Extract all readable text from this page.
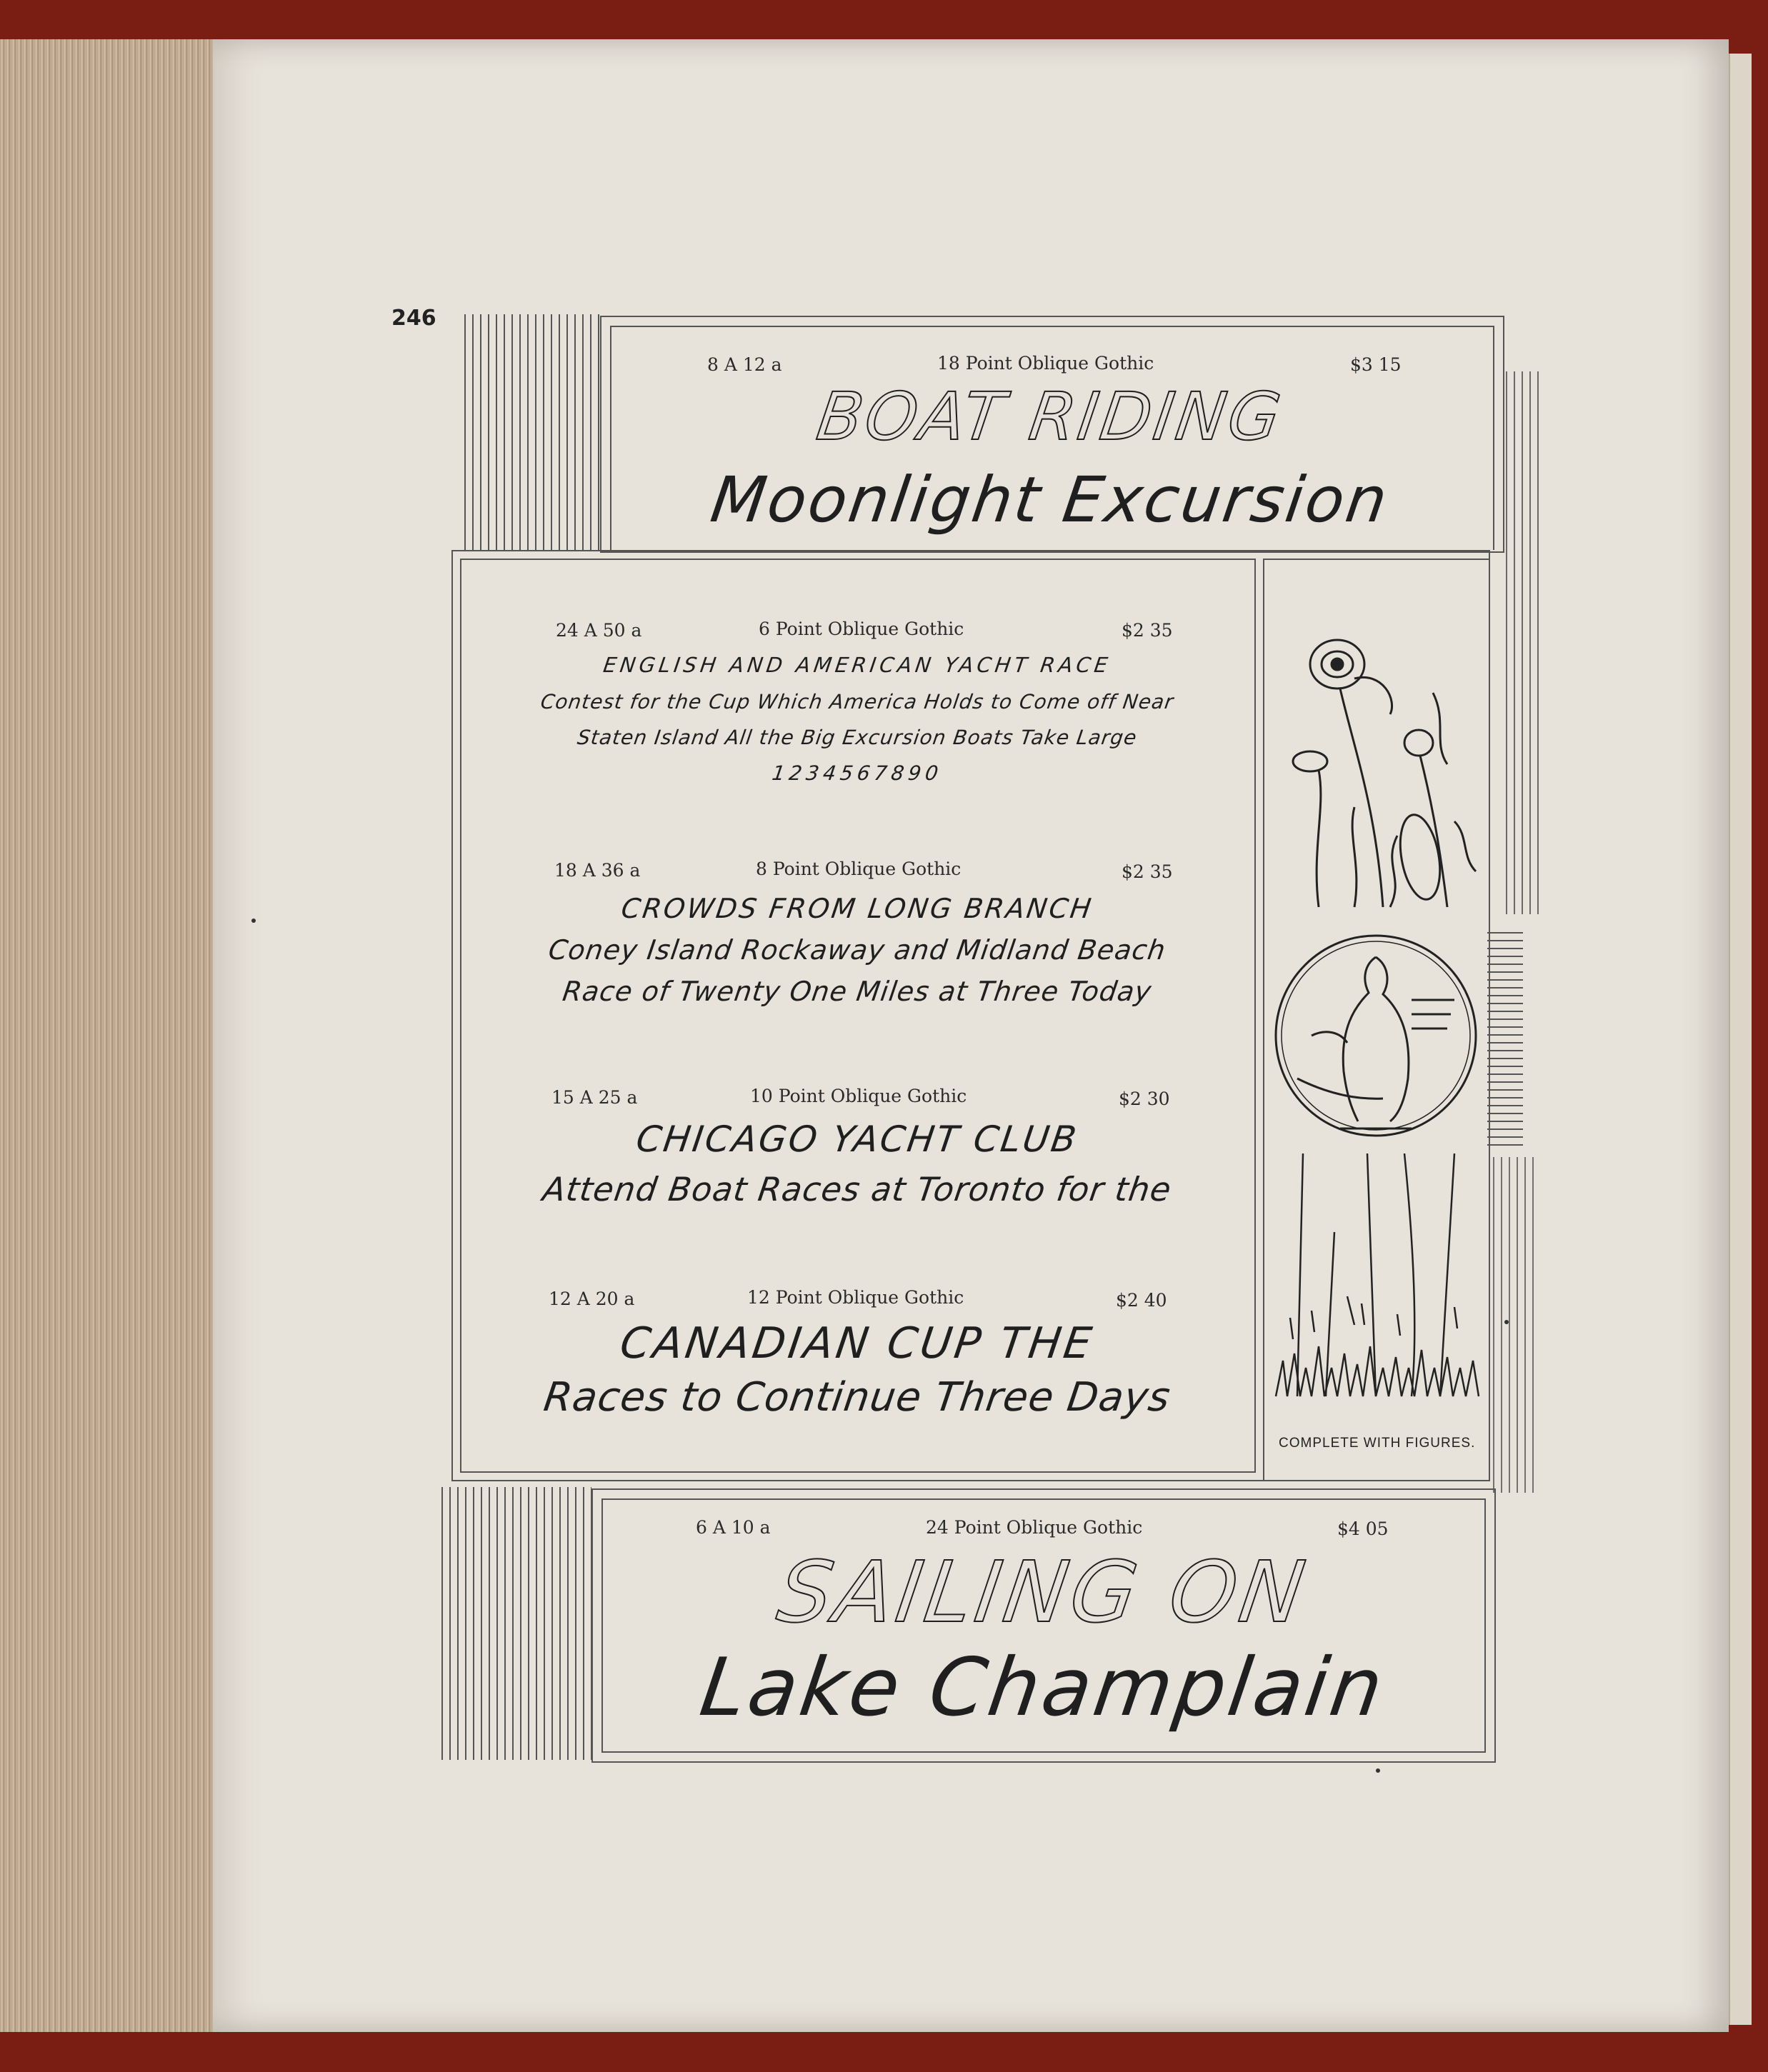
246
8 A 12 a	18 Point Oblique Gothic	$3 15
BOAT RIDING
Moonlight Excursion
24 A 50 a	6 Point Oblique Gothic	$2 35
ENGLISH AND AMERICAN YACHT RACE
Contest for the Cup Which America Holds to Come off Near
Staten Island All the Big Excursion Boats Take Large
1234567890
18 A 36 a	8 Point Oblique Gothic	$2 35
CROWDS FROM LONG BRANCH
Coney Island Rockaway and Midland Beach
Race of Twenty One Miles at Three Today
15 A 25 a	10 Point Oblique Gothic	$2 30
CHICAGO YACHT CLUB
Attend Boat Races at Toronto for the
12 A 20 a	12 Point Oblique Gothic	$2 40
CANADIAN CUP THE
Races to Continue Three Days
COMPLETE WITH FIGURES.
6 A 10 a	24 Point Oblique Gothic	$4 05
SAILING ON
Lake Champlain
